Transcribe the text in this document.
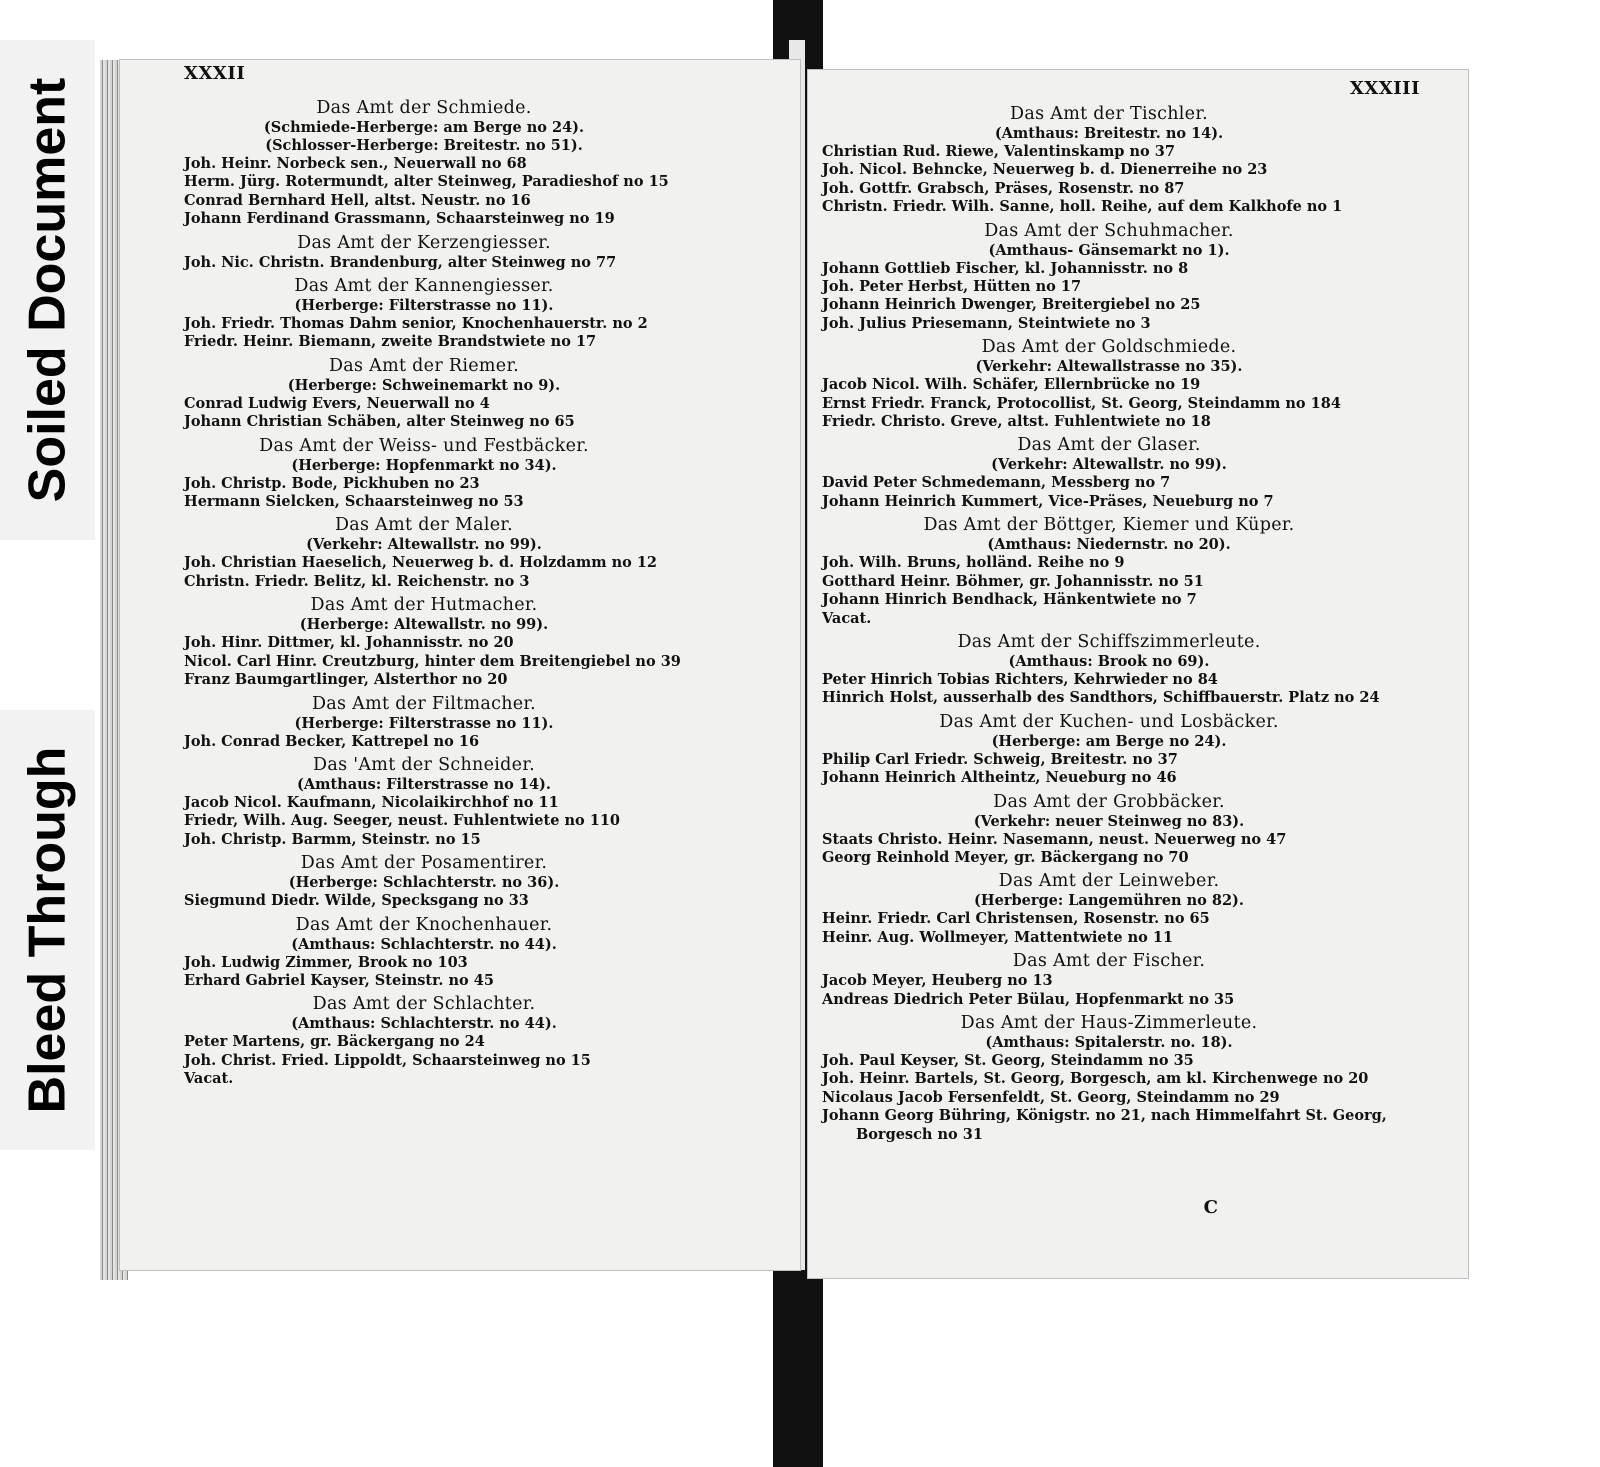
Soiled Document
Bleed Through
XXXII
Das Amt der Schmiede.
(Schmiede-Herberge: am Berge no 24).
(Schlosser-Herberge: Breitestr. no 51).
Joh. Heinr. Norbeck sen., Neuerwall no 68
Herm. Jürg. Rotermundt, alter Steinweg, Paradieshof no 15
Conrad Bernhard Hell, altst. Neustr. no 16
Johann Ferdinand Grassmann, Schaarsteinweg no 19
Das Amt der Kerzengiesser.
Joh. Nic. Christn. Brandenburg, alter Steinweg no 77
Das Amt der Kannengiesser.
(Herberge: Filterstrasse no 11).
Joh. Friedr. Thomas Dahm senior, Knochenhauerstr. no 2
Friedr. Heinr. Biemann, zweite Brandstwiete no 17
Das Amt der Riemer.
(Herberge: Schweinemarkt no 9).
Conrad Ludwig Evers, Neuerwall no 4
Johann Christian Schäben, alter Steinweg no 65
Das Amt der Weiss- und Festbäcker.
(Herberge: Hopfenmarkt no 34).
Joh. Christp. Bode, Pickhuben no 23
Hermann Sielcken, Schaarsteinweg no 53
Das Amt der Maler.
(Verkehr: Altewallstr. no 99).
Joh. Christian Haeselich, Neuerweg b. d. Holzdamm no 12
Christn. Friedr. Belitz, kl. Reichenstr. no 3
Das Amt der Hutmacher.
(Herberge: Altewallstr. no 99).
Joh. Hinr. Dittmer, kl. Johannisstr. no 20
Nicol. Carl Hinr. Creutzburg, hinter dem Breitengiebel no 39
Franz Baumgartlinger, Alsterthor no 20
Das Amt der Filtmacher.
(Herberge: Filterstrasse no 11).
Joh. Conrad Becker, Kattrepel no 16
Das 'Amt der Schneider.
(Amthaus: Filterstrasse no 14).
Jacob Nicol. Kaufmann, Nicolaikirchhof no 11
Friedr, Wilh. Aug. Seeger, neust. Fuhlentwiete no 110
Joh. Christp. Barmm, Steinstr. no 15
Das Amt der Posamentirer.
(Herberge: Schlachterstr. no 36).
Siegmund Diedr. Wilde, Specksgang no 33
Das Amt der Knochenhauer.
(Amthaus: Schlachterstr. no 44).
Joh. Ludwig Zimmer, Brook no 103
Erhard Gabriel Kayser, Steinstr. no 45
Das Amt der Schlachter.
(Amthaus: Schlachterstr. no 44).
Peter Martens, gr. Bäckergang no 24
Joh. Christ. Fried. Lippoldt, Schaarsteinweg no 15
Vacat.
XXXIII
Das Amt der Tischler.
(Amthaus: Breitestr. no 14).
Christian Rud. Riewe, Valentinskamp no 37
Joh. Nicol. Behncke, Neuerweg b. d. Dienerreihe no 23
Joh. Gottfr. Grabsch, Präses, Rosenstr. no 87
Christn. Friedr. Wilh. Sanne, holl. Reihe, auf dem Kalkhofe no 1
Das Amt der Schuhmacher.
(Amthaus- Gänsemarkt no 1).
Johann Gottlieb Fischer, kl. Johannisstr. no 8
Joh. Peter Herbst, Hütten no 17
Johann Heinrich Dwenger, Breitergiebel no 25
Joh. Julius Priesemann, Steintwiete no 3
Das Amt der Goldschmiede.
(Verkehr: Altewallstrasse no 35).
Jacob Nicol. Wilh. Schäfer, Ellernbrücke no 19
Ernst Friedr. Franck, Protocollist, St. Georg, Steindamm no 184
Friedr. Christo. Greve, altst. Fuhlentwiete no 18
Das Amt der Glaser.
(Verkehr: Altewallstr. no 99).
David Peter Schmedemann, Messberg no 7
Johann Heinrich Kummert, Vice-Präses, Neueburg no 7
Das Amt der Böttger, Kiemer und Küper.
(Amthaus: Niedernstr. no 20).
Joh. Wilh. Bruns, holländ. Reihe no 9
Gotthard Heinr. Böhmer, gr. Johannisstr. no 51
Johann Hinrich Bendhack, Hänkentwiete no 7
Vacat.
Das Amt der Schiffszimmerleute.
(Amthaus: Brook no 69).
Peter Hinrich Tobias Richters, Kehrwieder no 84
Hinrich Holst, ausserhalb des Sandthors, Schiffbauerstr. Platz no 24
Das Amt der Kuchen- und Losbäcker.
(Herberge: am Berge no 24).
Philip Carl Friedr. Schweig, Breitestr. no 37
Johann Heinrich Altheintz, Neueburg no 46
Das Amt der Grobbäcker.
(Verkehr: neuer Steinweg no 83).
Staats Christo. Heinr. Nasemann, neust. Neuerweg no 47
Georg Reinhold Meyer, gr. Bäckergang no 70
Das Amt der Leinweber.
(Herberge: Langemühren no 82).
Heinr. Friedr. Carl Christensen, Rosenstr. no 65
Heinr. Aug. Wollmeyer, Mattentwiete no 11
Das Amt der Fischer.
Jacob Meyer, Heuberg no 13
Andreas Diedrich Peter Bülau, Hopfenmarkt no 35
Das Amt der Haus-Zimmerleute.
(Amthaus: Spitalerstr. no. 18).
Joh. Paul Keyser, St. Georg, Steindamm no 35
Joh. Heinr. Bartels, St. Georg, Borgesch, am kl. Kirchenwege no 20
Nicolaus Jacob Fersenfeldt, St. Georg, Steindamm no 29
Johann Georg Bühring, Königstr. no 21, nach Himmelfahrt St. Georg,
Borgesch no 31
C
